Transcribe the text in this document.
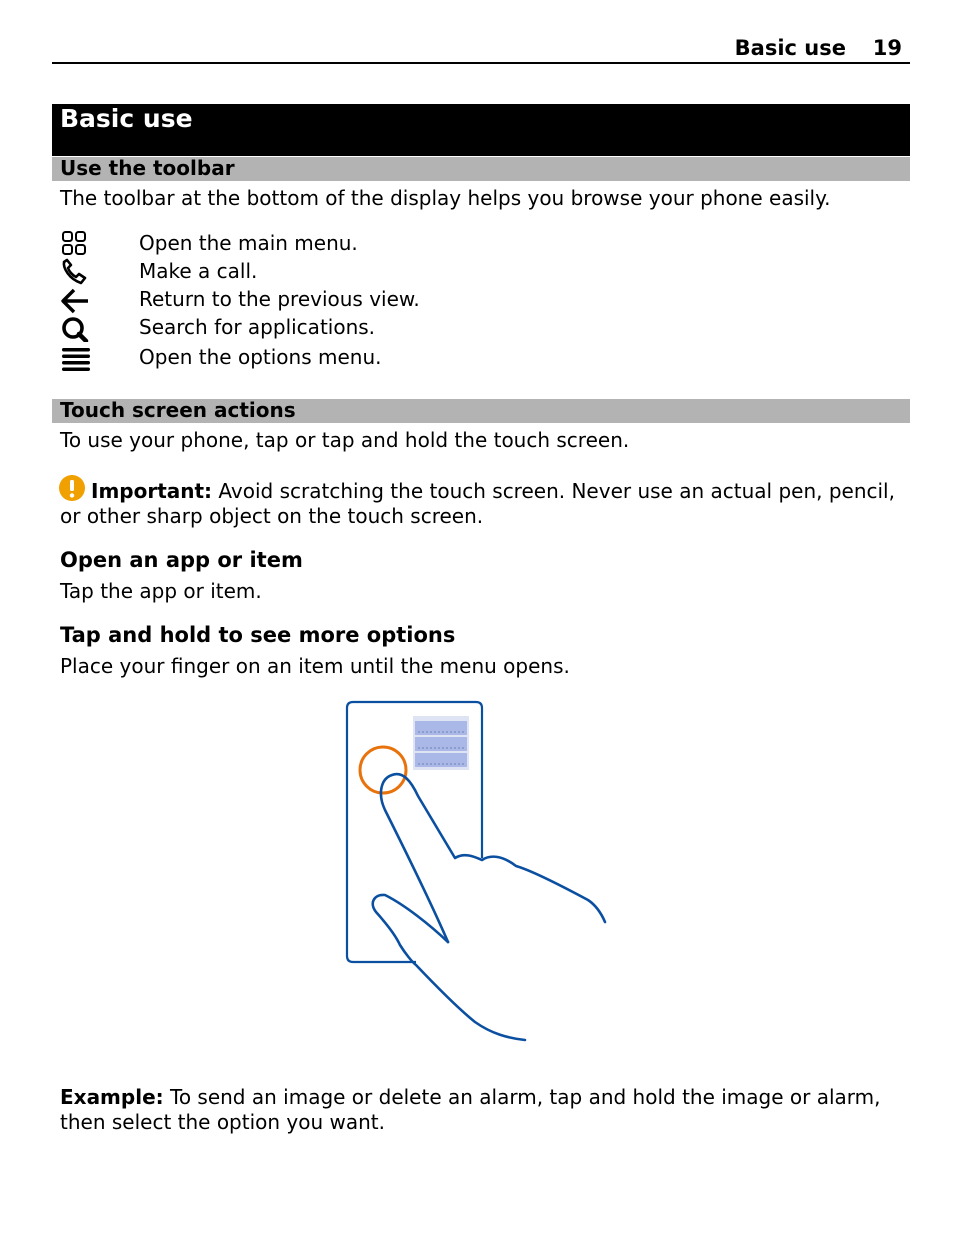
Basic use 19
Basic use
Use the toolbar
The toolbar at the bottom of the display helps you browse your phone easily.
Open the main menu.
Make a call.
Return to the previous view.
Search for applications.
Open the options menu.
Touch screen actions
To use your phone, tap or tap and hold the touch screen.
Important: Avoid scratching the touch screen. Never use an actual pen, pencil, or other sharp object on the touch screen.
Open an app or item
Tap the app or item.
Tap and hold to see more options
Place your finger on an item until the menu opens.
Example: To send an image or delete an alarm, tap and hold the image or alarm, then select the option you want.
